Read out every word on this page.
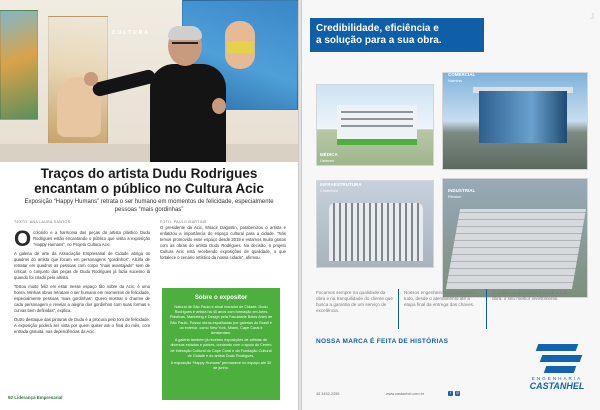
CULTURA
Traços do artista Dudu Rodrigues
encantam o público no Cultura Acic
Exposição “Happy Humans” retrata o ser humano em momentos de felicidade, especialmente pessoas “mais gordinhas”
TEXTO: ANA LAURA SANTOS	FOTO: PAULO MARTINS

Ocolorido e a harmonia das peças do artista plástico Dudu Rodrigues estão encantando o público que visita a exposição “Happy Humans”, no Projeto Cultura Acic.

A galeria de arte da Associação Empresarial de Cidade abriga os quadros do artista que focam em personagens “gordinhos”. Alcirla de retratar em quadros as pessoas com corpo “mais avantajado” sem de criticar, o conjunto das peças de Dudu Rodrigues já fazia sucesso lá quando foi criado pelo artista.

“Estou muito feliz em estar nesse espaço tão nobre da Acic, é uma honra. Minhas obras retratam o ser humano em momentos de felicidade, especialmente pessoas ‘mais gordinhas’. Quero mostrar o charme de cada personagem e revelar a alegria dos gordinhos com suas formas e curvas bem definidas”, explica.

Outro destaque das pinturas de Dudu é a procura pelo tom de felicidade. A exposição poderá ser vista por quem quiser até o final do mês, com entrada gratuita, nas dependências da Acic.

O presidente da Acic, Moacir Dagostin, parabenizou o artista e enfatizou a importância do espaço cultural para a cidade. “Nós temos promovido esse espaço desde 2019 e estamos muito gratos com as obras do artista Dudu Rodrigues. Na decisão, o projeto Cultura Acic está recebendo exposições de qualidade, o que fortalece o cenário artístico da nossa cidade”, afirmou.

Sobre o expositor

Natural de São Paulo e atual morador de Cidade, Dudu Rodrigues é artista há 40 anos com formação em Artes Plásticas, Marketing e Design pela Faculdade Belas Artes de São Paulo. Possui obras espalhadas por galerias do Brasil e do exterior, como New York, Miami, Cape Coral e Amsterdam.

A galeria também já recebeu exposições de artistas de diversos estados e países, contando com o apoio do Centro de Interação Cultural do Cape Coral e da Fundação Cultural de Cidade e do artista Dudu Rodrigues.

A exposição “Happy Humans” permanece no espaço até 30 de junho.

92 Liderança Empresarial
Credibilidade, eficiência e
a solução para a sua obra.
J
MÉDICA
Unimed
COMERCIAL
Namina
INFRAESTRUTURA
Cimbrinco	INDUSTRIAL
Plenion
Focamos sempre na qualidade da obra e na tranquilidade do cliente que busca a garantia de um serviço de excelência.
Nossos engenheiros acompanham tudo, desde o atendimento até a etapa final da entrega das chaves.
O nosso compromisso é tornar a sua obra, o seu melhor investimento.
NOSSA MARCA É FEITA DE HISTÓRIAS
ENGENHARIA
CASTANHEL
45 3452-2255	www.castanhel.com.br	f ◎
